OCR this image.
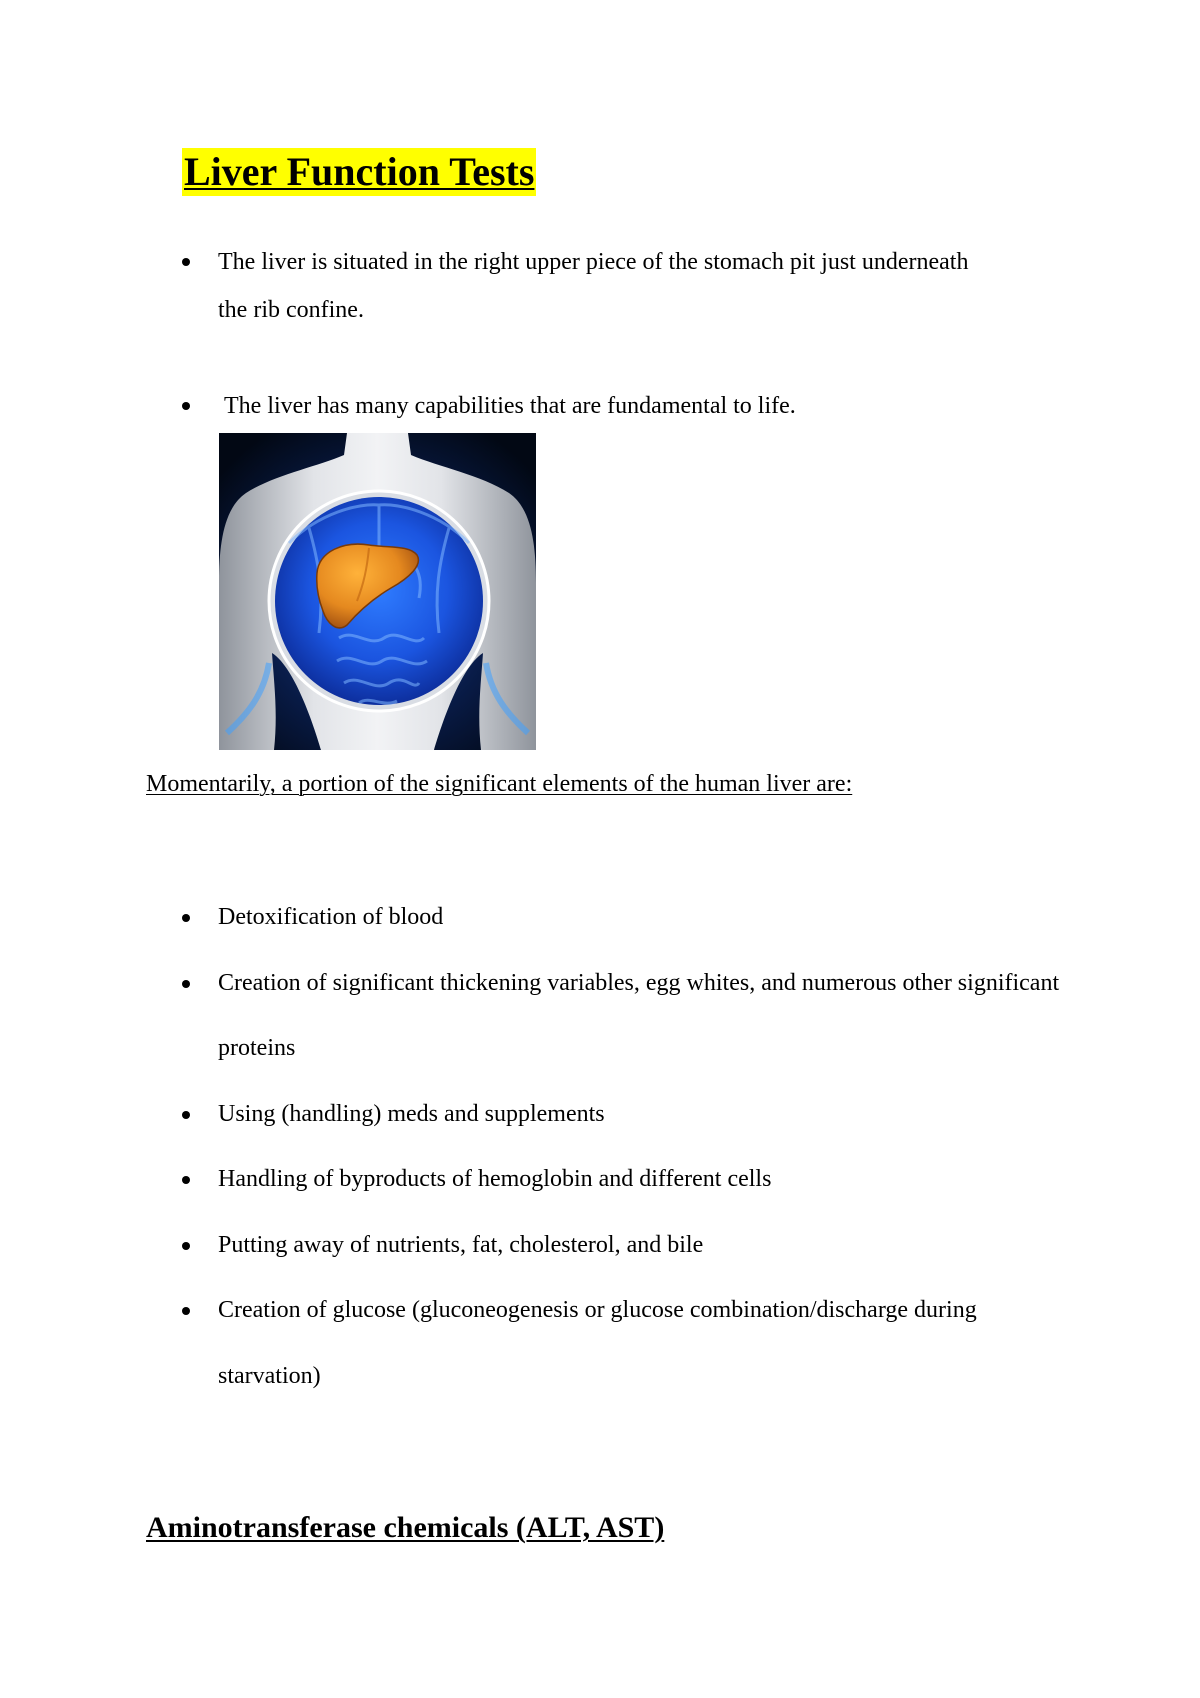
Liver Function Tests
The liver is situated in the right upper piece of the stomach pit just underneath the rib confine.
The liver has many capabilities that are fundamental to life.
Momentarily, a portion of the significant elements of the human liver are:
Detoxification of blood
Creation of significant thickening variables, egg whites, and numerous other significant proteins
Using (handling) meds and supplements
Handling of byproducts of hemoglobin and different cells
Putting away of nutrients, fat, cholesterol, and bile
Creation of glucose (gluconeogenesis or glucose combination/discharge during starvation)
Aminotransferase chemicals (ALT, AST)
